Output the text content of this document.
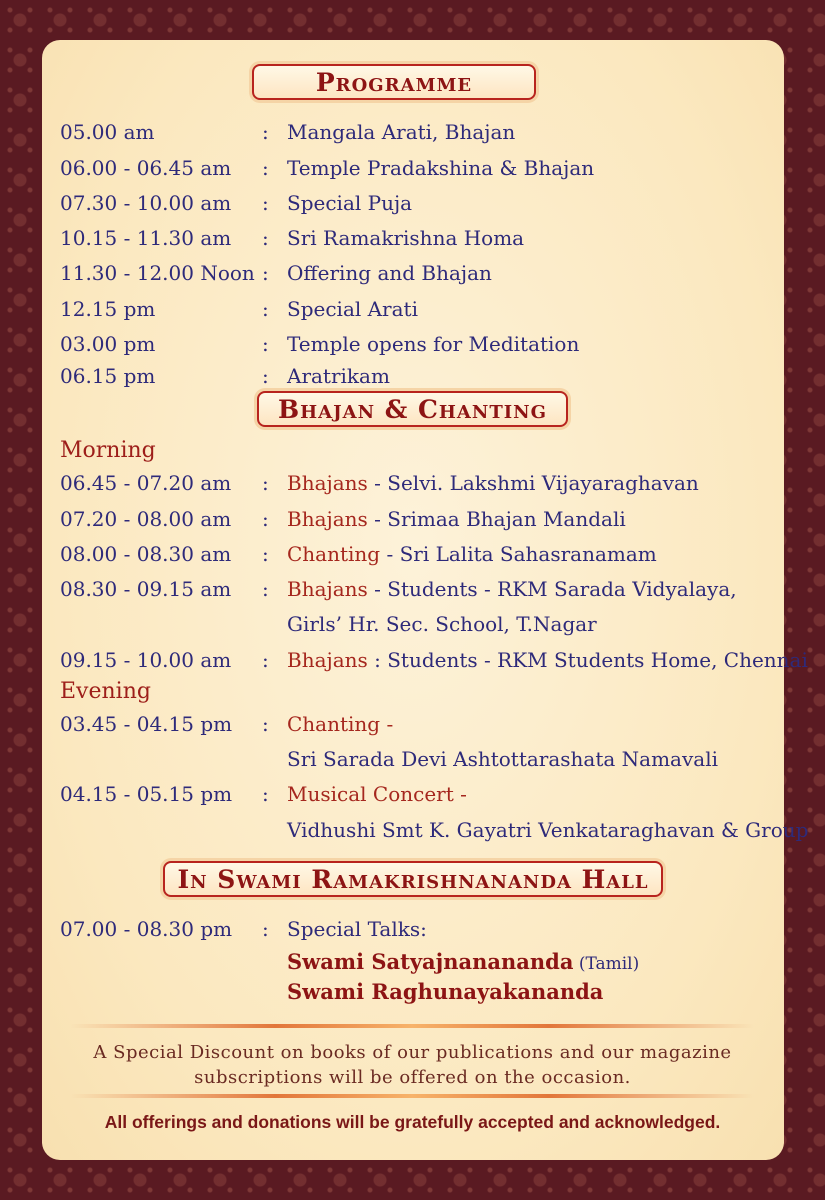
Programme
05.00 am	: Mangala Arati, Bhajan
06.00 - 06.45 am : Temple Pradakshina & Bhajan
07.30 - 10.00 am : Special Puja
10.15 - 11.30 am : Sri Ramakrishna Homa
11.30 - 12.00 Noon : Offering and Bhajan
12.15 pm	: Special Arati
03.00 pm	: Temple opens for Meditation
06.15 pm	: Aratrikam
Bhajan & Chanting
Morning
06.45 - 07.20 am : Bhajans - Selvi. Lakshmi Vijayaraghavan
07.20 - 08.00 am : Bhajans - Srimaa Bhajan Mandali
08.00 - 08.30 am : Chanting - Sri Lalita Sahasranamam
08.30 - 09.15 am : Bhajans - Students - RKM Sarada Vidyalaya,
Girls’ Hr. Sec. School, T.Nagar
09.15 - 10.00 am : Bhajans : Students - RKM Students Home, Chennai
Evening
03.45 - 04.15 pm : Chanting -
Sri Sarada Devi Ashtottarashata Namavali
04.15 - 05.15 pm : Musical Concert -
Vidhushi Smt K. Gayatri Venkataraghavan & Group
In Swami Ramakrishnananda Hall
07.00 - 08.30 pm : Special Talks:
Swami Satyajnanananda (Tamil)
Swami Raghunayakananda
A Special Discount on books of our publications and our magazine
subscriptions will be offered on the occasion.
All offerings and donations will be gratefully accepted and acknowledged.
